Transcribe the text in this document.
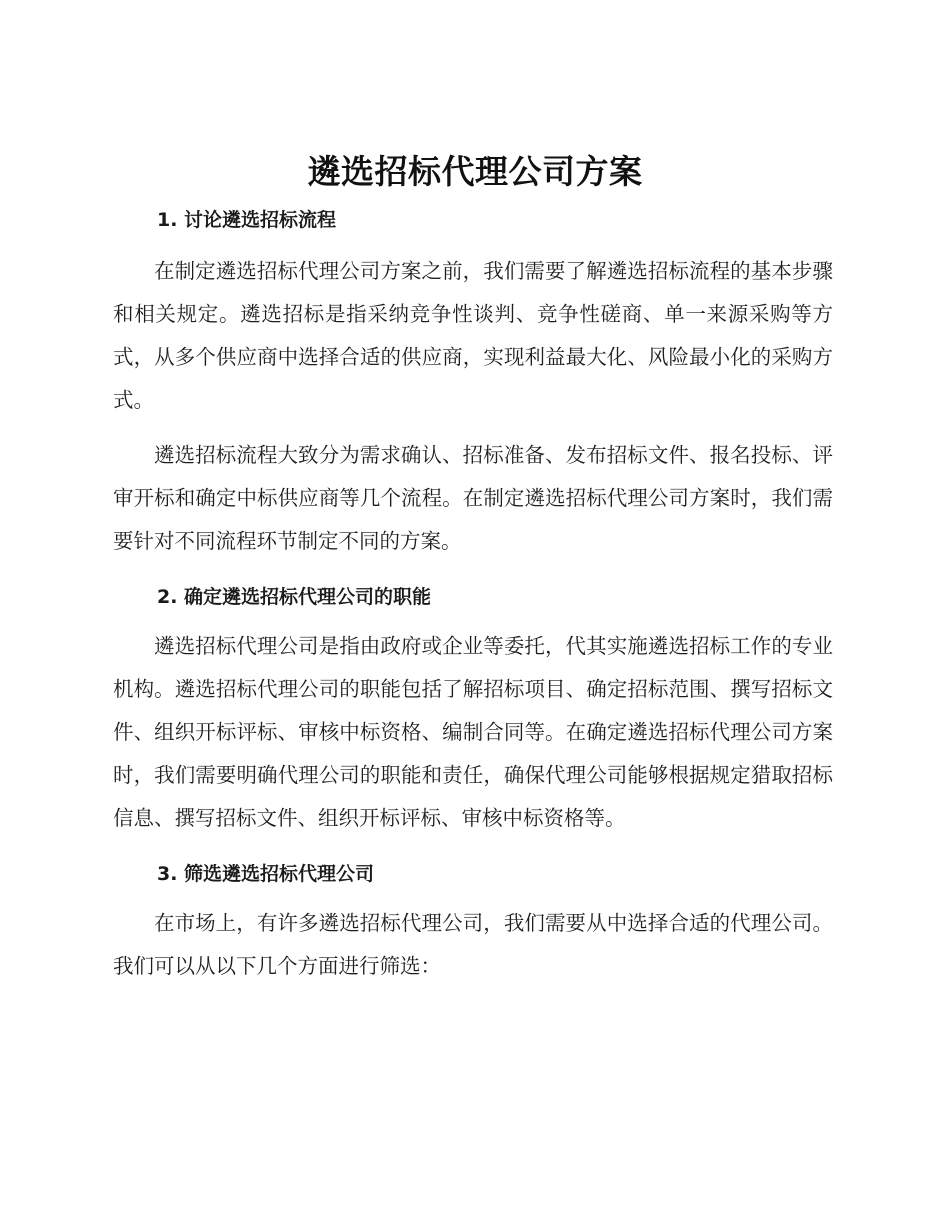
遴选招标代理公司方案
1. 讨论遴选招标流程

在制定遴选招标代理公司方案之前，我们需要了解遴选招标流程的基本步骤和相关规定。遴选招标是指采纳竞争性谈判、竞争性磋商、单一来源采购等方式，从多个供应商中选择合适的供应商，实现利益最大化、风险最小化的采购方式。

遴选招标流程大致分为需求确认、招标准备、发布招标文件、报名投标、评审开标和确定中标供应商等几个流程。在制定遴选招标代理公司方案时，我们需要针对不同流程环节制定不同的方案。

2. 确定遴选招标代理公司的职能

遴选招标代理公司是指由政府或企业等委托，代其实施遴选招标工作的专业机构。遴选招标代理公司的职能包括了解招标项目、确定招标范围、撰写招标文件、组织开标评标、审核中标资格、编制合同等。在确定遴选招标代理公司方案时，我们需要明确代理公司的职能和责任，确保代理公司能够根据规定猎取招标信息、撰写招标文件、组织开标评标、审核中标资格等。

3. 筛选遴选招标代理公司

在市场上，有许多遴选招标代理公司，我们需要从中选择合适的代理公司。我们可以从以下几个方面进行筛选：
